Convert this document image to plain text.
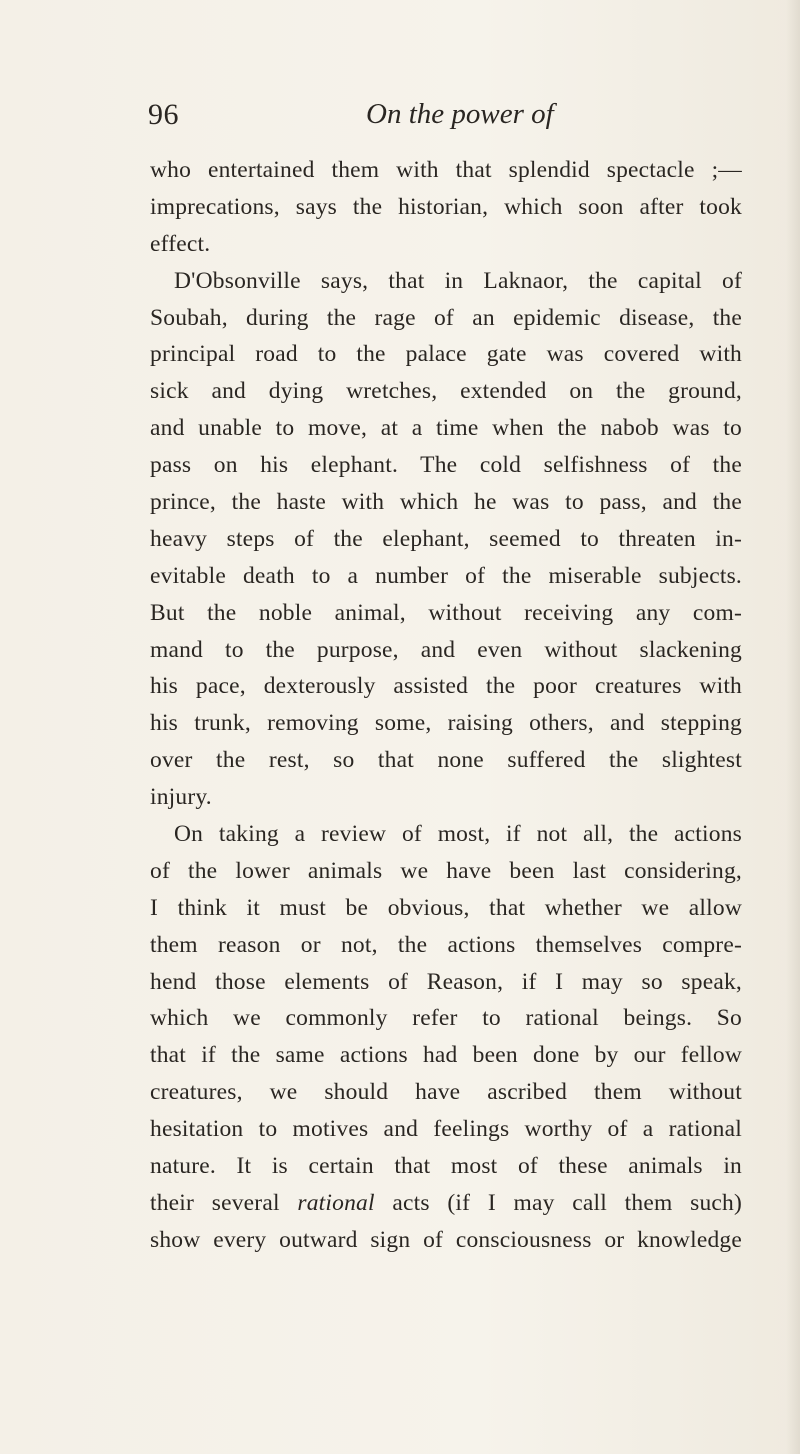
96	On the power of
who entertained them with that splendid spectacle ;—
imprecations, says the historian, which soon after took
effect.
D'Obsonville says, that in Laknaor, the capital of
Soubah, during the rage of an epidemic disease, the
principal road to the palace gate was covered with
sick and dying wretches, extended on the ground,
and unable to move, at a time when the nabob was to
pass on his elephant. The cold selfishness of the
prince, the haste with which he was to pass, and the
heavy steps of the elephant, seemed to threaten in-
evitable death to a number of the miserable subjects.
But the noble animal, without receiving any com-
mand to the purpose, and even without slackening
his pace, dexterously assisted the poor creatures with
his trunk, removing some, raising others, and stepping
over the rest, so that none suffered the slightest
injury.
On taking a review of most, if not all, the actions
of the lower animals we have been last considering,
I think it must be obvious, that whether we allow
them reason or not, the actions themselves compre-
hend those elements of Reason, if I may so speak,
which we commonly refer to rational beings. So
that if the same actions had been done by our fellow
creatures, we should have ascribed them without
hesitation to motives and feelings worthy of a rational
nature. It is certain that most of these animals in
their several rational acts (if I may call them such)
show every outward sign of consciousness or knowledge
